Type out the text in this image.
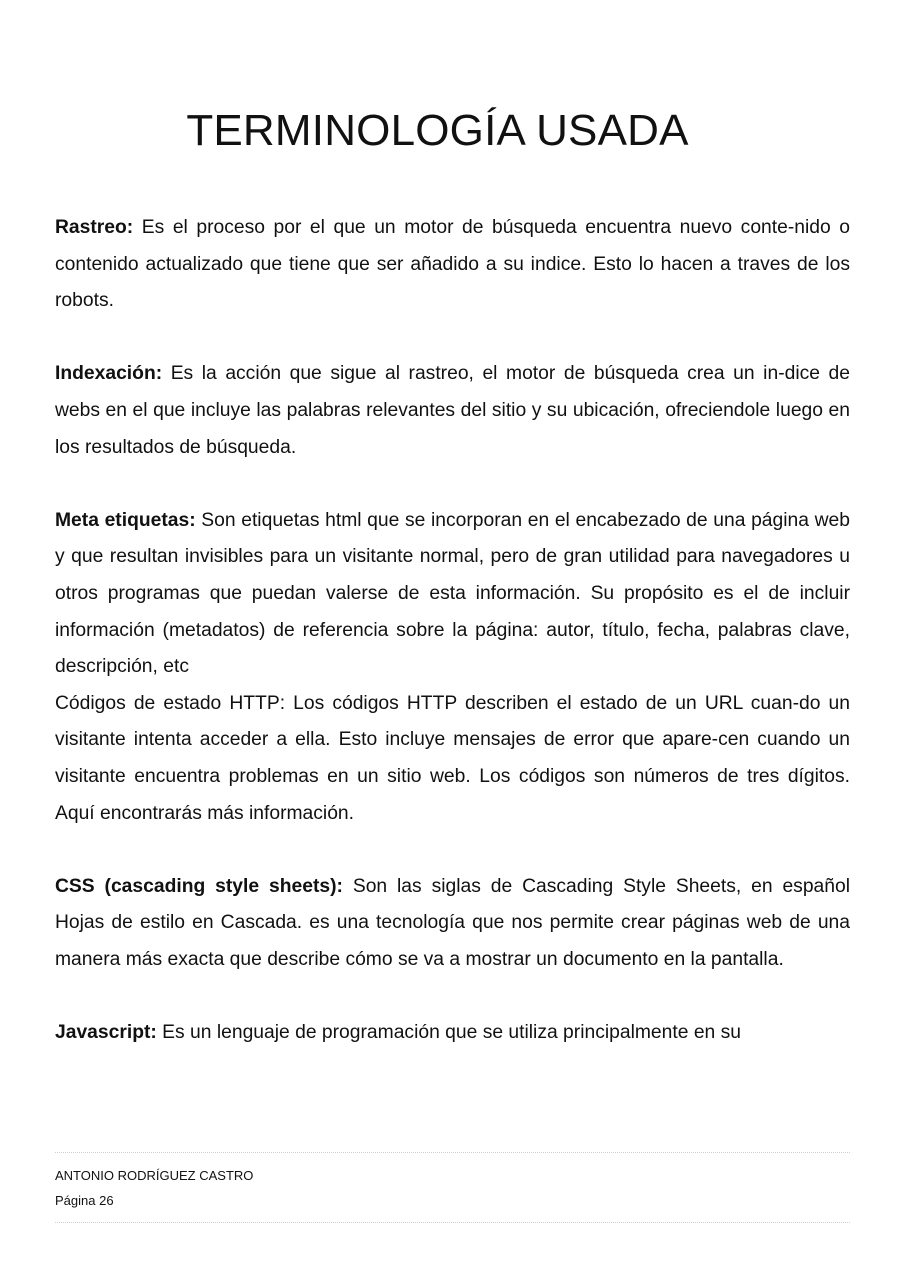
TERMINOLOGÍA USADA

Rastreo: Es el proceso por el que un motor de búsqueda encuentra nuevo conte-nido o contenido actualizado que tiene que ser añadido a su indice. Esto lo hacen a traves de los robots.

Indexación: Es la acción que sigue al rastreo, el motor de búsqueda crea un in-dice de webs en el que incluye las palabras relevantes del sitio y su ubicación, ofreciendole luego en los resultados de búsqueda.

Meta etiquetas: Son etiquetas html que se incorporan en el encabezado de una página web y que resultan invisibles para un visitante normal, pero de gran utilidad para navegadores u otros programas que puedan valerse de esta información. Su propósito es el de incluir información (metadatos) de referencia sobre la página: autor, título, fecha, palabras clave, descripción, etc

Códigos de estado HTTP: Los códigos HTTP describen el estado de un URL cuan-do un visitante intenta acceder a ella. Esto incluye mensajes de error que apare-cen cuando un visitante encuentra problemas en un sitio web. Los códigos son números de tres dígitos. Aquí encontrarás más información.

CSS (cascading style sheets): Son las siglas de Cascading Style Sheets, en español Hojas de estilo en Cascada. es una tecnología que nos permite crear páginas web de una manera más exacta que describe cómo se va a mostrar un documento en la pantalla.

Javascript: Es un lenguaje de programación que se utiliza principalmente en su

ANTONIO RODRÍGUEZ CASTRO
Página 26
